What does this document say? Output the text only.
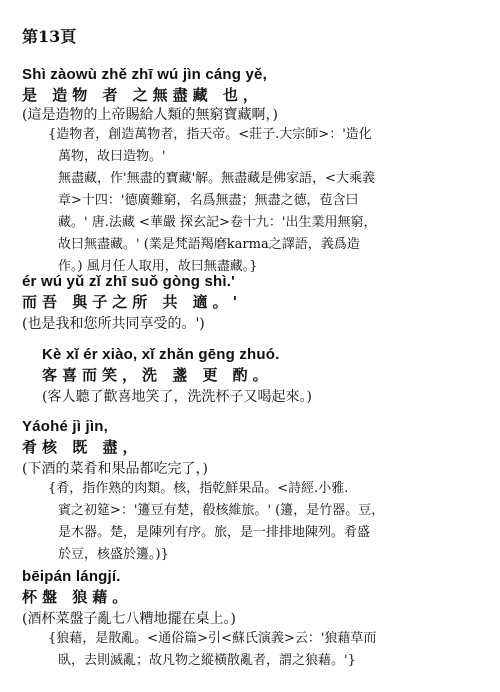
第13頁
Shì zàowù zhě zhī wú jìn cáng yě,
是 造物 者 之無盡藏 也，
(這是造物的上帝賜給人類的無窮寶藏啊，)
{造物者，創造萬物者，指天帝。<莊子.大宗師>：'造化
萬物，故曰造物。'
無盡藏，作'無盡的寶藏'解。無盡藏是佛家語，<大乘義
章>十四：'德廣難窮，名爲無盡；無盡之德，苞含曰
藏。' 唐.法藏 <華嚴 探玄記>卷十九：'出生業用無窮，
故曰無盡藏。' (業是梵語羯磨karma之譯語，義爲造
作。) 風月任人取用，故曰無盡藏。}
ér wú yǔ zǐ zhī suǒ gòng shì.'
而吾 與子之所 共 適。'
(也是我和您所共同享受的。')
Kè xǐ ér xiào, xǐ zhǎn gēng zhuó.
客喜而笑，洗 盞 更 酌。
(客人聽了歡喜地笑了，洗洗杯子又喝起來。)
Yáohé jì jìn,
肴核 既 盡，
(下酒的菜肴和果品都吃完了，)
{肴，指作熟的肉類。核，指乾鮮果品。<詩經.小雅.
賓之初筵>：'籩豆有楚，殽核維旅。' (籩，是竹器。豆，
是木器。楚，是陳列有序。旅，是一排排地陳列。肴盛
於豆，核盛於籩。)}
bēipán lángjí.
杯盤 狼藉。
(酒杯菜盤子亂七八糟地擺在桌上。)
{狼藉，是散亂。<通俗篇>引<蘇氏演義>云：'狼藉草而
臥，去則滅亂；故凡物之縱橫散亂者，謂之狼藉。'}
